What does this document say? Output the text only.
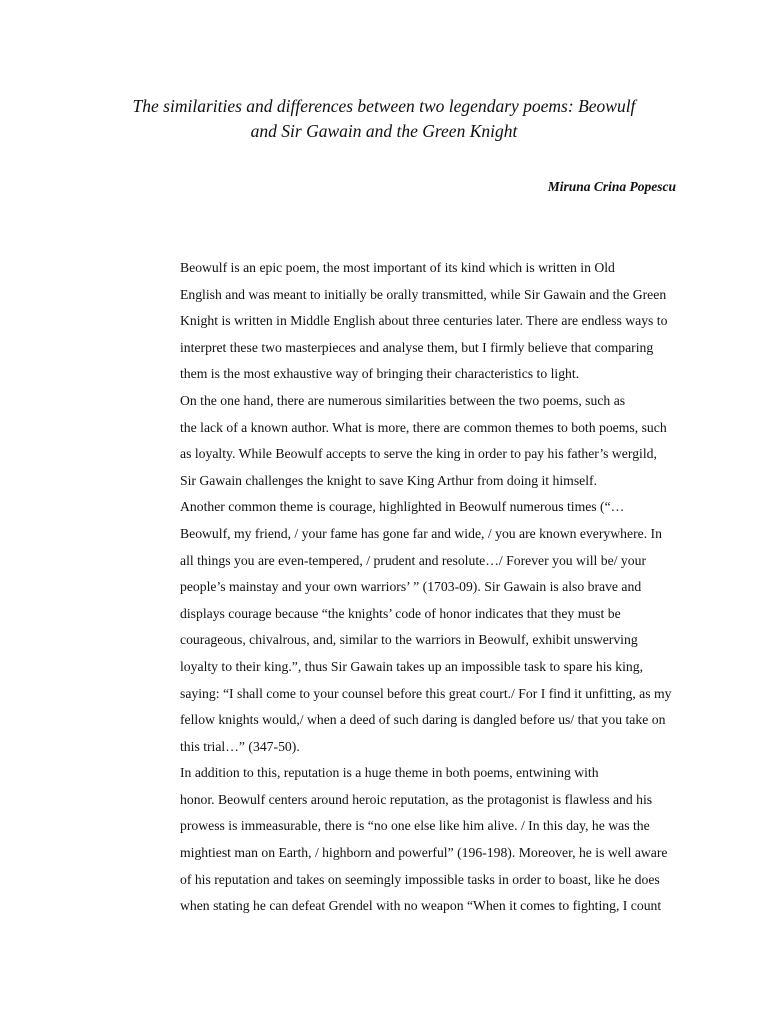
The similarities and differences between two legendary poems: Beowulf
and Sir Gawain and the Green Knight

Miruna Crina Popescu

Beowulf is an epic poem, the most important of its kind which is written in Old
English and was meant to initially be orally transmitted, while Sir Gawain and the Green
Knight is written in Middle English about three centuries later. There are endless ways to
interpret these two masterpieces and analyse them, but I firmly believe that comparing
them is the most exhaustive way of bringing their characteristics to light.

On the one hand, there are numerous similarities between the two poems, such as
the lack of a known author. What is more, there are common themes to both poems, such
as loyalty. While Beowulf accepts to serve the king in order to pay his father’s wergild,
Sir Gawain challenges the knight to save King Arthur from doing it himself.

Another common theme is courage, highlighted in Beowulf numerous times (“…
Beowulf, my friend, / your fame has gone far and wide, / you are known everywhere. In
all things you are even-tempered, / prudent and resolute…/ Forever you will be/ your
people’s mainstay and your own warriors’ ” (1703-09). Sir Gawain is also brave and
displays courage because “the knights’ code of honor indicates that they must be
courageous, chivalrous, and, similar to the warriors in Beowulf, exhibit unswerving
loyalty to their king.”, thus Sir Gawain takes up an impossible task to spare his king,
saying: “I shall come to your counsel before this great court./ For I find it unfitting, as my
fellow knights would,/ when a deed of such daring is dangled before us/ that you take on
this trial…” (347-50).

In addition to this, reputation is a huge theme in both poems, entwining with
honor. Beowulf centers around heroic reputation, as the protagonist is flawless and his
prowess is immeasurable, there is “no one else like him alive. / In this day, he was the
mightiest man on Earth, / highborn and powerful” (196-198). Moreover, he is well aware
of his reputation and takes on seemingly impossible tasks in order to boast, like he does
when stating he can defeat Grendel with no weapon “When it comes to fighting, I count
